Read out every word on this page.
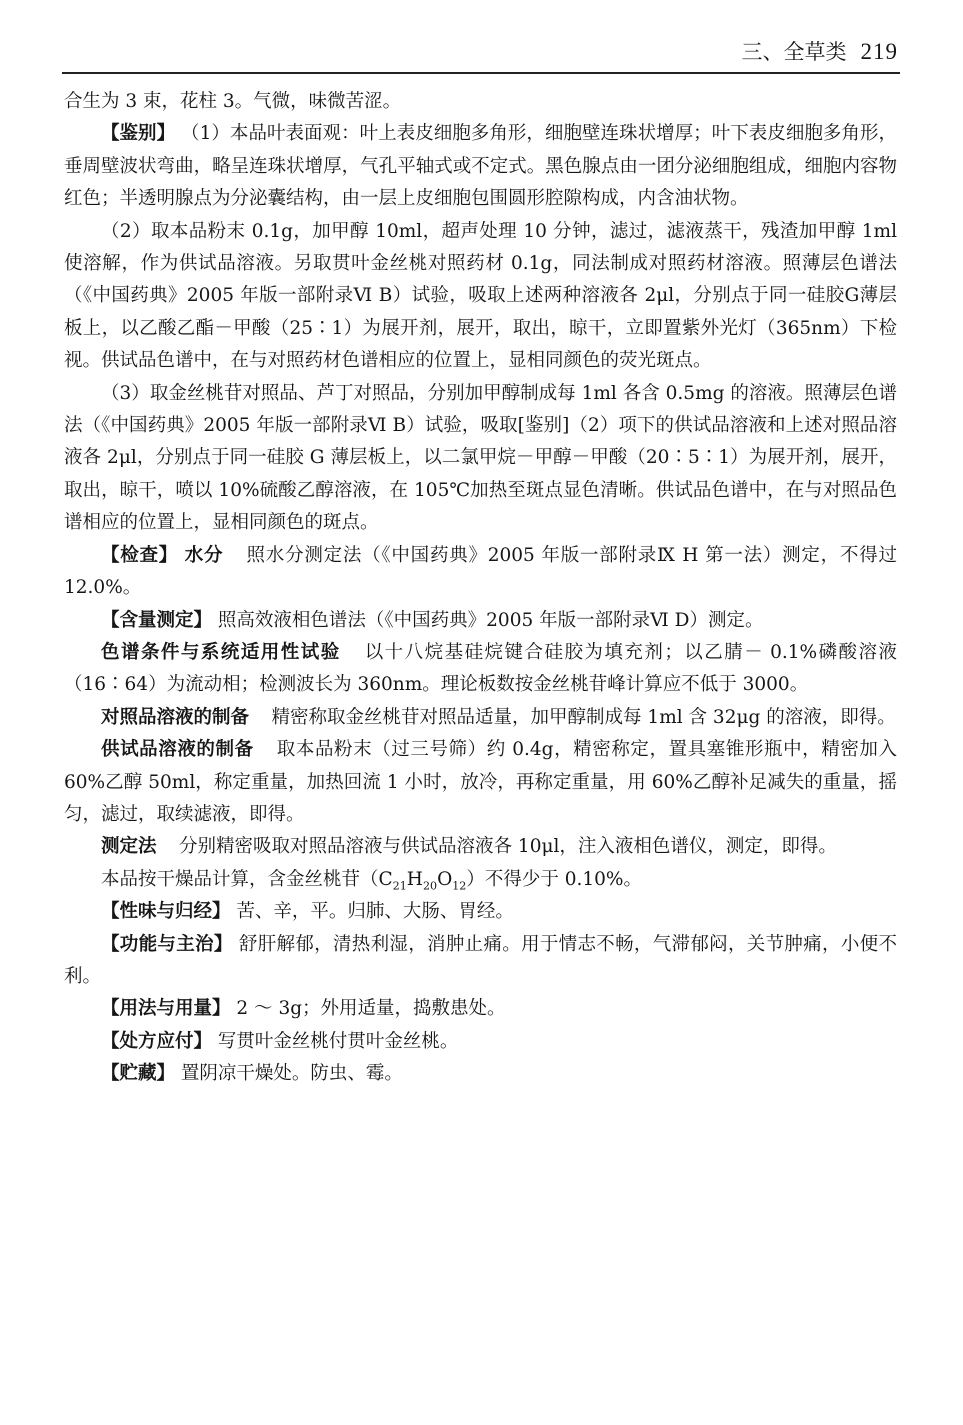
三、全草类 219

合生为 3 束，花柱 3。气微，味微苦涩。

【鉴别】 （1）本品叶表面观：叶上表皮细胞多角形，细胞壁连珠状增厚；叶下表皮细胞多角形，垂周壁波状弯曲，略呈连珠状增厚，气孔平轴式或不定式。黑色腺点由一团分泌细胞组成，细胞内容物红色；半透明腺点为分泌囊结构，由一层上皮细胞包围圆形腔隙构成，内含油状物。

（2）取本品粉末 0.1g，加甲醇 10ml，超声处理 10 分钟，滤过，滤液蒸干，残渣加甲醇 1ml 使溶解，作为供试品溶液。另取贯叶金丝桃对照药材 0.1g，同法制成对照药材溶液。照薄层色谱法（《中国药典》2005 年版一部附录Ⅵ B）试验，吸取上述两种溶液各 2μl，分别点于同一硅胶G薄层板上，以乙酸乙酯－甲酸（25∶1）为展开剂，展开，取出，晾干，立即置紫外光灯（365nm）下检视。供试品色谱中，在与对照药材色谱相应的位置上，显相同颜色的荧光斑点。

（3）取金丝桃苷对照品、芦丁对照品，分别加甲醇制成每 1ml 各含 0.5mg 的溶液。照薄层色谱法（《中国药典》2005 年版一部附录Ⅵ B）试验，吸取[鉴别]（2）项下的供试品溶液和上述对照品溶液各 2μl，分别点于同一硅胶 G 薄层板上，以二氯甲烷－甲醇－甲酸（20∶5∶1）为展开剂，展开，取出，晾干，喷以 10%硫酸乙醇溶液，在 105℃加热至斑点显色清晰。供试品色谱中，在与对照品色谱相应的位置上，显相同颜色的斑点。

【检查】 水分 照水分测定法（《中国药典》2005 年版一部附录Ⅸ H 第一法）测定，不得过 12.0%。

【含量测定】 照高效液相色谱法（《中国药典》2005 年版一部附录Ⅵ D）测定。

色谱条件与系统适用性试验 以十八烷基硅烷键合硅胶为填充剂；以乙腈－ 0.1%磷酸溶液（16∶64）为流动相；检测波长为 360nm。理论板数按金丝桃苷峰计算应不低于 3000。

对照品溶液的制备 精密称取金丝桃苷对照品适量，加甲醇制成每 1ml 含 32μg 的溶液，即得。

供试品溶液的制备 取本品粉末（过三号筛）约 0.4g，精密称定，置具塞锥形瓶中，精密加入 60%乙醇 50ml，称定重量，加热回流 1 小时，放冷，再称定重量，用 60%乙醇补足减失的重量，摇匀，滤过，取续滤液，即得。

测定法 分别精密吸取对照品溶液与供试品溶液各 10μl，注入液相色谱仪，测定，即得。

本品按干燥品计算，含金丝桃苷$(C_{21}H_{20}O_{12})$不得少于 0.10%。

【性味与归经】 苦、辛，平。归肺、大肠、胃经。

【功能与主治】 舒肝解郁，清热利湿，消肿止痛。用于情志不畅，气滞郁闷，关节肿痛，小便不利。

【用法与用量】 2 ～ 3g；外用适量，捣敷患处。

【处方应付】 写贯叶金丝桃付贯叶金丝桃。

【贮藏】 置阴凉干燥处。防虫、霉。
